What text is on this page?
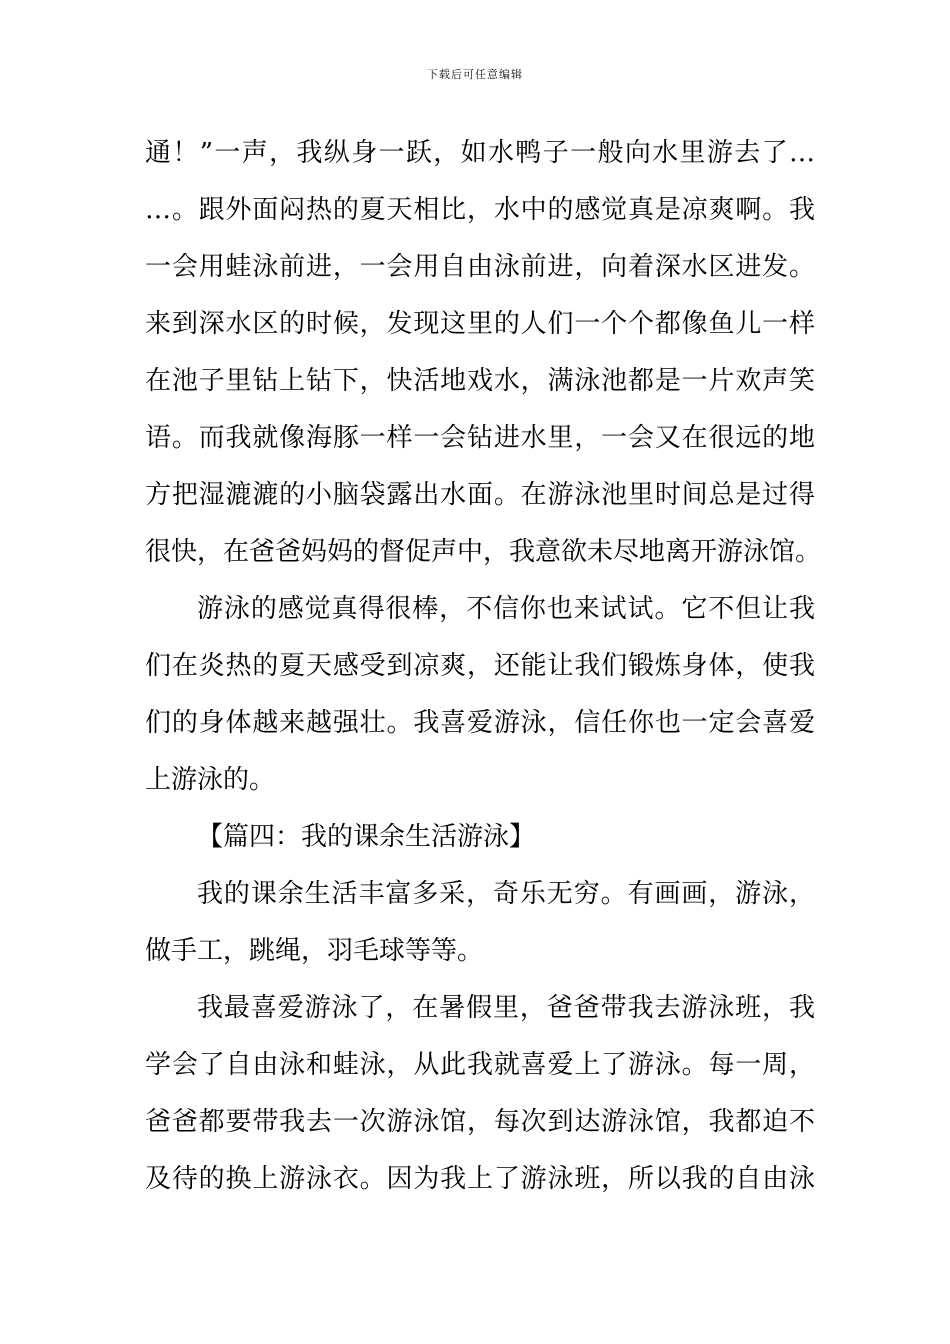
下载后可任意编辑
通！”一声，我纵身一跃，如水鸭子一般向水里游去了…
…。跟外面闷热的夏天相比，水中的感觉真是凉爽啊。我
一会用蛙泳前进，一会用自由泳前进，向着深水区进发。
来到深水区的时候，发现这里的人们一个个都像鱼儿一样
在池子里钻上钻下，快活地戏水，满泳池都是一片欢声笑
语。而我就像海豚一样一会钻进水里，一会又在很远的地
方把湿漉漉的小脑袋露出水面。在游泳池里时间总是过得
很快，在爸爸妈妈的督促声中，我意欲未尽地离开游泳馆。
游泳的感觉真得很棒，不信你也来试试。它不但让我
们在炎热的夏天感受到凉爽，还能让我们锻炼身体，使我
们的身体越来越强壮。我喜爱游泳，信任你也一定会喜爱
上游泳的。
【篇四：我的课余生活游泳】
我的课余生活丰富多采，奇乐无穷。有画画，游泳，
做手工，跳绳，羽毛球等等。
我最喜爱游泳了，在暑假里，爸爸带我去游泳班，我
学会了自由泳和蛙泳，从此我就喜爱上了游泳。每一周，
爸爸都要带我去一次游泳馆，每次到达游泳馆，我都迫不
及待的换上游泳衣。因为我上了游泳班，所以我的自由泳
